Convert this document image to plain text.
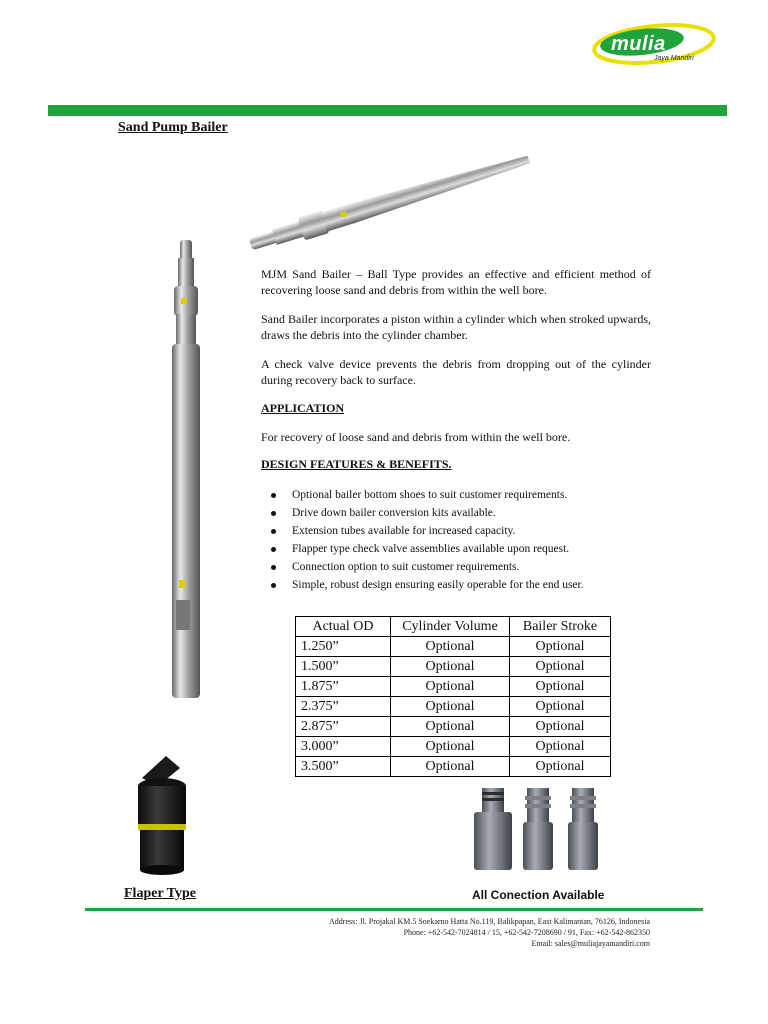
mulia
Jaya Mandiri
Sand Pump Bailer
MJM Sand Bailer – Ball Type provides an effective and efficient method of recovering loose sand and debris from within the well bore.
Sand Bailer incorporates a piston within a cylinder which when stroked upwards, draws the debris into the cylinder chamber.
A check valve device prevents the debris from dropping out of the cylinder during recovery back to surface.
APPLICATION
For recovery of loose sand and debris from within the well bore.
DESIGN FEATURES & BENEFITS.
Optional bailer bottom shoes to suit customer requirements.
Drive down bailer conversion kits available.
Extension tubes available for increased capacity.
Flapper type check valve assemblies available upon request.
Connection option to suit customer requirements.
Simple, robust design ensuring easily operable for the end user.
Actual OD	Cylinder Volume	Bailer Stroke
1.250”	Optional	Optional
1.500”	Optional	Optional
1.875”	Optional	Optional
2.375”	Optional	Optional
2.875”	Optional	Optional
3.000”	Optional	Optional
3.500”	Optional	Optional
Flaper Type	All Conection Available
Address: Jl. Projakal KM.5 Soekarno Hatta No.119, Balikpapan, East Kalimantan, 76126, Indonesia
Phone: +62-542-7024814 / 15, +62-542-7208690 / 91, Fax: +62-542-862350
Email: sales@muliajayamandiri.com
